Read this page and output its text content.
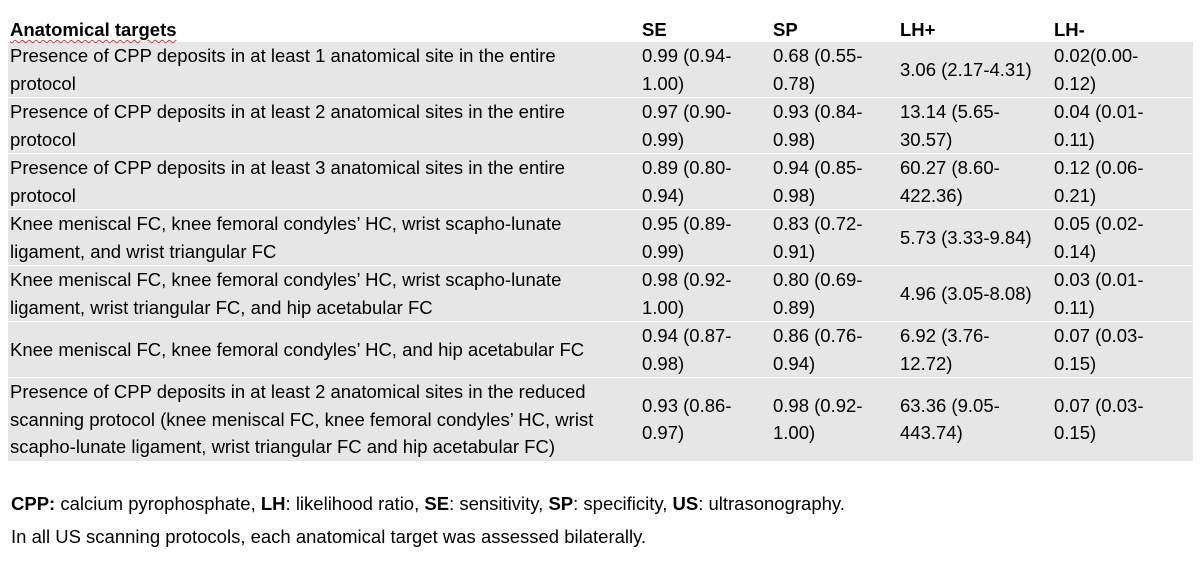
Anatomical targets	SE	SP	LH+	LH-
Presence of CPP deposits in at least 1 anatomical site in the entire
protocol	0.99 (0.94-
1.00)	0.68 (0.55-
0.78)	3.06 (2.17-4.31)	0.02(0.00-
0.12)
Presence of CPP deposits in at least 2 anatomical sites in the entire
protocol	0.97 (0.90-
0.99)	0.93 (0.84-
0.98)	13.14 (5.65-
30.57)	0.04 (0.01-
0.11)
Presence of CPP deposits in at least 3 anatomical sites in the entire
protocol	0.89 (0.80-
0.94)	0.94 (0.85-
0.98)	60.27 (8.60-
422.36)	0.12 (0.06-
0.21)
Knee meniscal FC, knee femoral condyles’ HC, wrist scapho-lunate
ligament, and wrist triangular FC	0.95 (0.89-
0.99)	0.83 (0.72-
0.91)	5.73 (3.33-9.84)	0.05 (0.02-
0.14)
Knee meniscal FC, knee femoral condyles’ HC, wrist scapho-lunate
ligament, wrist triangular FC, and hip acetabular FC	0.98 (0.92-
1.00)	0.80 (0.69-
0.89)	4.96 (3.05-8.08)	0.03 (0.01-
0.11)
Knee meniscal FC, knee femoral condyles’ HC, and hip acetabular FC	0.94 (0.87-
0.98)	0.86 (0.76-
0.94)	6.92 (3.76-
12.72)	0.07 (0.03-
0.15)
Presence of CPP deposits in at least 2 anatomical sites in the reduced
scanning protocol (knee meniscal FC, knee femoral condyles’ HC, wrist
scapho-lunate ligament, wrist triangular FC and hip acetabular FC)	0.93 (0.86-
0.97)	0.98 (0.92-
1.00)	63.36 (9.05-
443.74)	0.07 (0.03-
0.15)
CPP: calcium pyrophosphate, LH: likelihood ratio, SE: sensitivity, SP: specificity, US: ultrasonography.
In all US scanning protocols, each anatomical target was assessed bilaterally.
